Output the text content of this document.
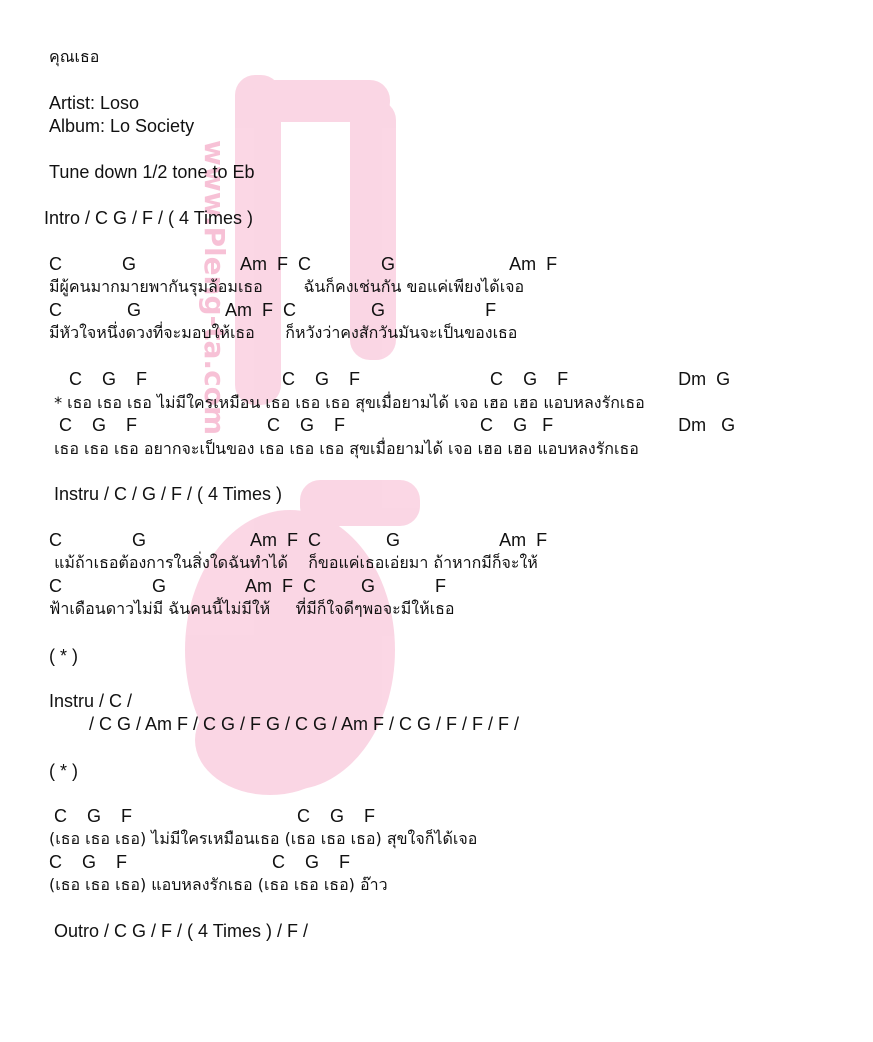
www.Pleng-ta.com
คุณเธอ
Artist: Loso
Album: Lo Society
Tune down 1/2 tone to Eb
Intro / C G / F / ( 4 Times )
C            G                     Am  F  C              G                       Am  F
มีผู้คนมากมายพากันรุมล้อมเธอ        ฉันก็คงเช่นกัน ขอแค่เพียงได้เจอ
C             G                 Am  F  C               G                    F
มีหัวใจหนึ่งดวงที่จะมอบให้เธอ      ก็หวังว่าคงสักวันมันจะเป็นของเธอ
C    G    F                           C    G    F                          C    G    F                      Dm  G
* เธอ เธอ เธอ ไม่มีใครเหมือน เธอ เธอ เธอ สุขเมื่อยามได้ เจอ เฮอ เฮอ แอบหลงรักเธอ
C    G    F                          C    G    F                           C    G   F                         Dm   G
เธอ เธอ เธอ อยากจะเป็นของ เธอ เธอ เธอ สุขเมื่อยามได้ เจอ เฮอ เฮอ แอบหลงรักเธอ
Instru / C / G / F / ( 4 Times )
C              G                     Am  F  C             G                    Am  F
แม้ถ้าเธอต้องการในสิ่งใดฉันทำได้    ก็ขอแค่เธอเอ่ยมา ถ้าหากมีก็จะให้
C                  G                Am  F  C         G            F
ฟ้าเดือนดาวไม่มี ฉันคนนี้ไม่มีให้     ที่มีก็ใจดีๆพอจะมีให้เธอ
( * )
Instru / C /
/ C G / Am F / C G / F G / C G / Am F / C G / F / F / F /
( * )
C    G    F                                 C    G    F
(เธอ เธอ เธอ) ไม่มีใครเหมือนเธอ (เธอ เธอ เธอ) สุขใจก็ได้เจอ
C    G    F                             C    G    F
(เธอ เธอ เธอ) แอบหลงรักเธอ (เธอ เธอ เธอ) อ๊าว
Outro / C G / F / ( 4 Times ) / F /
